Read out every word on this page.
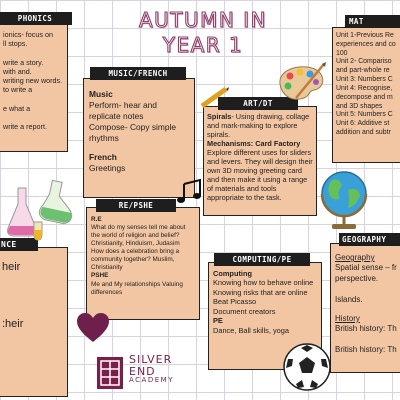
AUTUMN IN
YEAR 1
ionics- focus on
ll stops.

write a story.
with and.
writing new words.
to write a

e what a

write a report.
PHONICS
Unit 1-Previous Re
experiences and co
100
Unit 2- Compariso
and part-whole re
Unit 3: Numbers C
Unit 4: Recognise,
decompose and m
and 3D shapes
Unit 5: Numbers C
Unit 6: Additive st
addition and subtr
MAT
Music
Perform- hear and
replicate notes
Compose- Copy simple
rhythms
French
Greetings
MUSIC/FRENCH
Spirals- Using drawing, collage and mark-making to explore spirals.
Mechanisms: Card Factory
Explore different uses for sliders and levers. They will design their own 3D moving greeting card and then make it using a range of materials and tools appropriate to the task.
ART/DT
R.E
What do my senses tell me about the world of religion and belief? Christianity, Hinduism, Judasim
How does a celebration bring a community together? Muslim, Christianity
PSHE
Me and My relationships Valuing differences
RE/PSHE
heir

:heir
NCE
Computing
Knowing how to behave online
Knowing risks that are online
Beat Picasso
Document creators
PE
Dance, Ball skills, yoga
COMPUTING/PE	Geography
Spatial sense – fr
perspective.

Islands.
History
British history: Th

British history: Th
GEOGRAPHY
SILVER
END
ACADEMY
